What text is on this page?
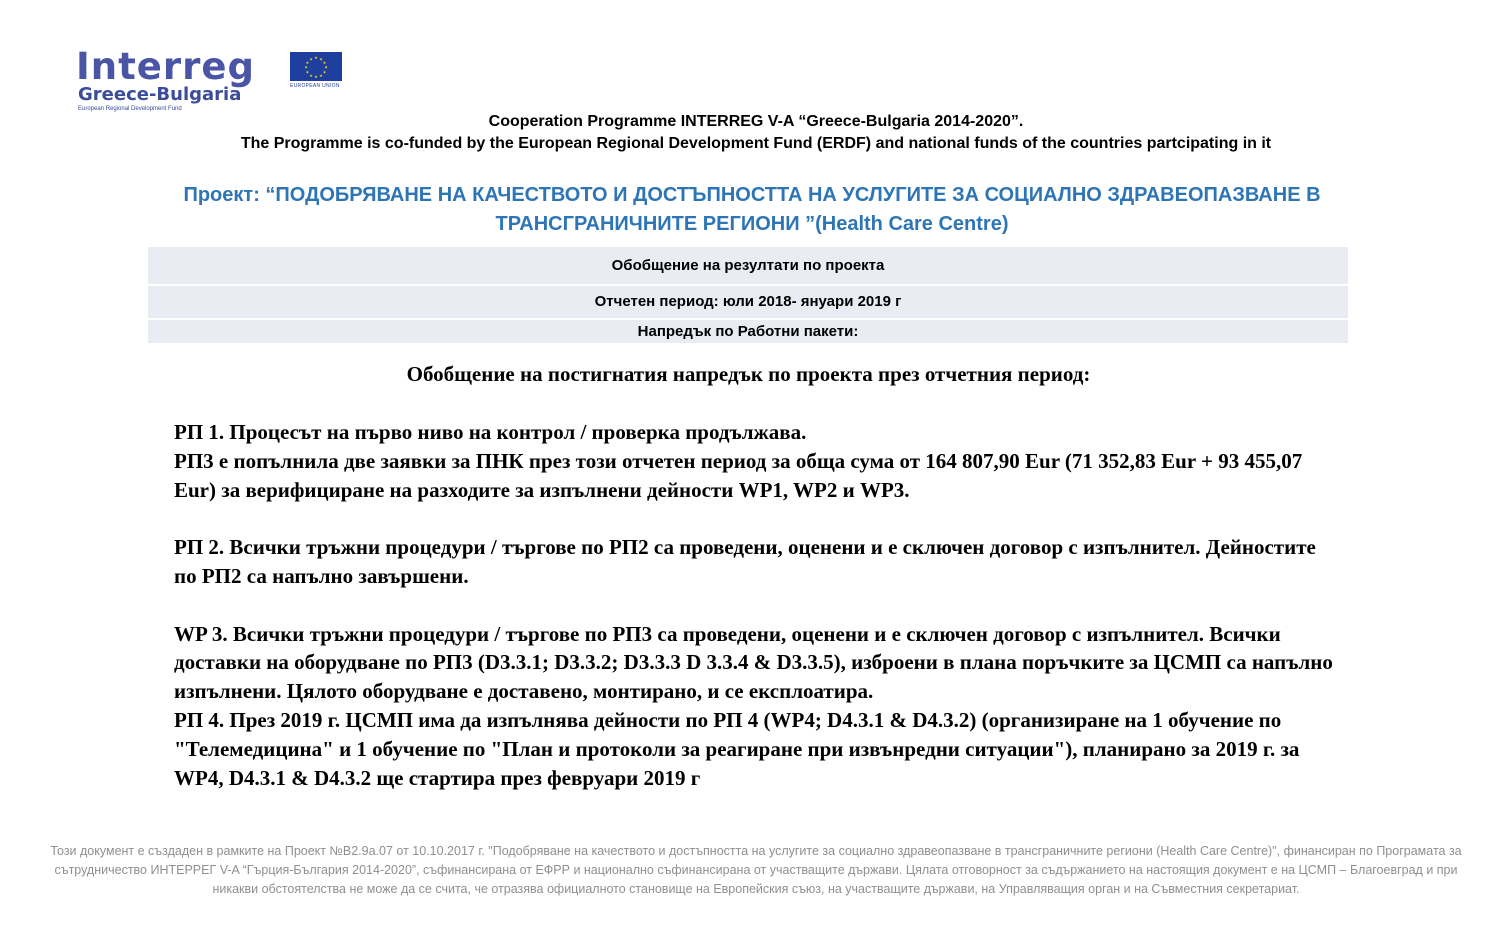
Interreg
Greece-Bulgaria
European Regional Development Fund
★ ★
★
★
★
★
★
★
★
★
★
★
EUROPEAN UNION
Cooperation Programme INTERREG V-A “Greece-Bulgaria 2014-2020”.
The Programme is co-funded by the European Regional Development Fund (ERDF) and national funds of the countries partcipating in it
Проект: “ПОДОБРЯВАНЕ НА КАЧЕСТВОТО И ДОСТЪПНОСТТА НА УСЛУГИТЕ ЗА СОЦИАЛНО ЗДРАВЕОПАЗВАНЕ В ТРАНСГРАНИЧНИТЕ РЕГИОНИ ”(Health Care Centre)
Обобщение на резултати по проекта
Отчетен период: юли 2018- януари 2019 г
Напредък по Работни пакети:
Обобщение на постигнатия напредък по проекта през отчетния период:

РП 1. Процесът на първо ниво на контрол / проверка продължава.

РП3 е попълнила две заявки за ПНК през този отчетен период за обща сума от 164 807,90 Eur (71 352,83 Eur + 93 455,07 Eur) за верифициране на разходите за изпълнени дейности WP1, WP2 и WP3.

РП 2. Всички тръжни процедури / търгове по РП2 са проведени, оценени и е сключен договор с изпълнител. Дейностите по РП2 са напълно завършени.

WP 3. Всички тръжни процедури / търгове по РП3 са проведени, оценени и е сключен договор с изпълнител. Всички доставки на оборудване по РП3 (D3.3.1; D3.3.2; D3.3.3 D 3.3.4 & D3.3.5), изброени в плана поръчките за ЦСМП са напълно изпълнени. Цялото оборудване е доставено, монтирано, и се експлоатира.

РП 4. През 2019 г. ЦСМП има да изпълнява дейности по РП 4 (WP4; D4.3.1 & D4.3.2) (организиране на 1 обучение по "Телемедицина" и 1 обучение по "План и протоколи за реагиране при извънредни ситуации"), планирано за 2019 г. за WP4, D4.3.1 & D4.3.2 ще стартира през февруари 2019 г

Този документ е създаден в рамките на Проект №B2.9a.07 от 10.10.2017 г. "Подобряване на качеството и достъпността на услугите за социално здравеопазване в трансграничните региони (Health Care Centre)", финансиран по Програмата за сътрудничество ИНТЕРРЕГ V-A “Гърция-България 2014-2020”, съфинансирана от ЕФРР и национално съфинансирана от участващите държави. Цялата отговорност за съдържанието на настоящия документ е на ЦСМП – Благоевград и при никакви обстоятелства не може да се счита, че отразява официалното становище на Европейския съюз, на участващите държави, на Управляващия орган и на Съвместния секретариат.
